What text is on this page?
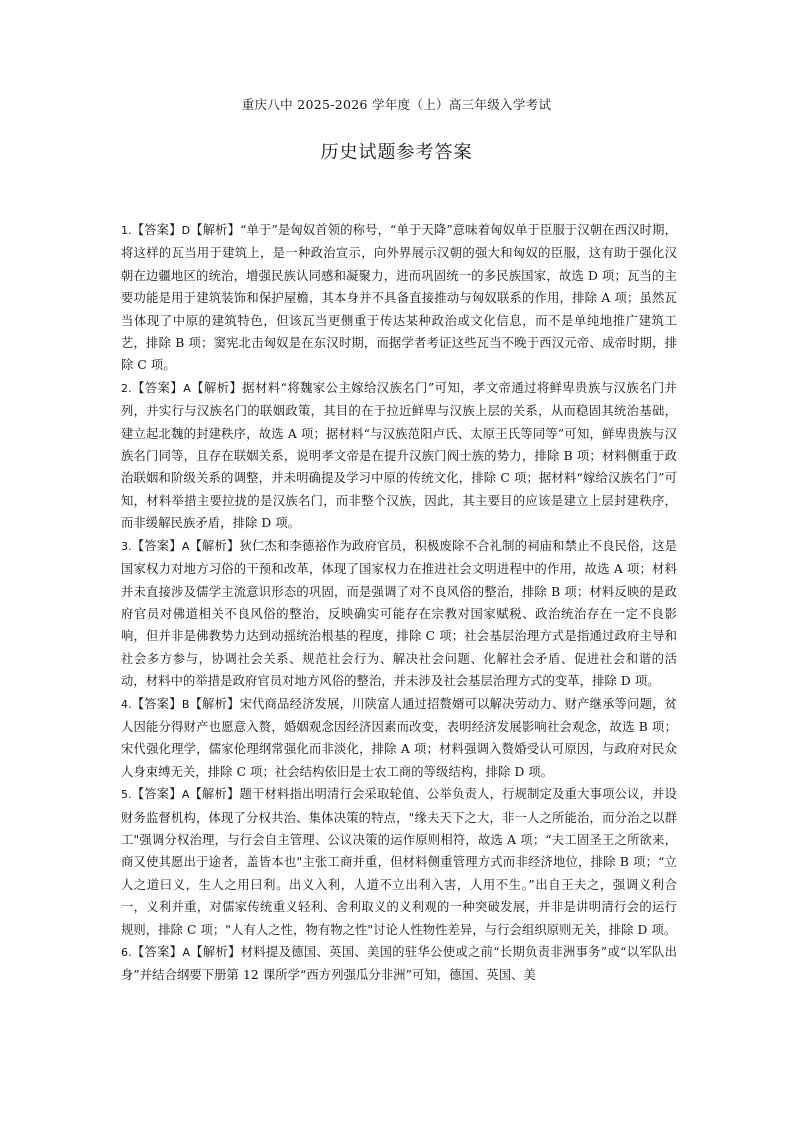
重庆八中 2025-2026 学年度（上）高三年级入学考试
历史试题参考答案

1.【答案】D【解析】“单于”是匈奴首领的称号，“单于天降”意味着匈奴单于臣服于汉朝在西汉时期，将这样的瓦当用于建筑上，是一种政治宣示，向外界展示汉朝的强大和匈奴的臣服，这有助于强化汉朝在边疆地区的统治，增强民族认同感和凝聚力，进而巩固统一的多民族国家，故选 D 项；瓦当的主要功能是用于建筑装饰和保护屋檐，其本身并不具备直接推动与匈奴联系的作用，排除 A 项；虽然瓦当体现了中原的建筑特色，但该瓦当更侧重于传达某种政治或文化信息，而不是单纯地推广建筑工艺，排除 B 项；窦宪北击匈奴是在东汉时期，而据学者考证这些瓦当不晚于西汉元帝、成帝时期，排除 C 项。

2.【答案】A【解析】据材料“将魏家公主嫁给汉族名门”可知，孝文帝通过将鲜卑贵族与汉族名门并列，并实行与汉族名门的联姻政策，其目的在于拉近鲜卑与汉族上层的关系，从而稳固其统治基础，建立起北魏的封建秩序，故选 A 项；据材料“与汉族范阳卢氏、太原王氏等同等”可知，鲜卑贵族与汉族名门同等，且存在联姻关系，说明孝文帝是在提升汉族门阀士族的势力，排除 B 项；材料侧重于政治联姻和阶级关系的调整，并未明确提及学习中原的传统文化，排除 C 项；据材料“嫁给汉族名门”可知，材料举措主要拉拢的是汉族名门，而非整个汉族，因此，其主要目的应该是建立上层封建秩序，而非缓解民族矛盾，排除 D 项。

3.【答案】A【解析】狄仁杰和李德裕作为政府官员，积极废除不合礼制的祠庙和禁止不良民俗，这是国家权力对地方习俗的干预和改革，体现了国家权力在推进社会文明进程中的作用，故选 A 项；材料并未直接涉及儒学主流意识形态的巩固，而是强调了对不良风俗的整治，排除 B 项；材料反映的是政府官员对佛道相关不良风俗的整治，反映确实可能存在宗教对国家赋税、政治统治存在一定不良影响，但并非是佛教势力达到动摇统治根基的程度，排除 C 项；社会基层治理方式是指通过政府主导和社会多方参与，协调社会关系、规范社会行为、解决社会问题、化解社会矛盾、促进社会和谐的活动，材料中的举措是政府官员对地方风俗的整治，并未涉及社会基层治理方式的变革，排除 D 项。

4.【答案】B【解析】宋代商品经济发展，川陕富人通过招赘婿可以解决劳动力、财产继承等问题，贫人因能分得财产也愿意入赘，婚姻观念因经济因素而改变，表明经济发展影响社会观念，故选 B 项；宋代强化理学，儒家伦理纲常强化而非淡化，排除 A 项；材料强调入赘婚受认可原因，与政府对民众人身束缚无关，排除 C 项；社会结构依旧是士农工商的等级结构，排除 D 项。

5.【答案】A【解析】题干材料指出明清行会采取轮值、公举负责人，行规制定及重大事项公议，并设财务监督机构，体现了分权共治、集体决策的特点，"缘夫天下之大，非一人之所能治，而分治之以群工"强调分权治理，与行会自主管理、公议决策的运作原则相符，故选 A 项；“夫工固圣王之所欲来，商又使其愿出于途者，盖皆本也"主张工商并重，但材料侧重管理方式而非经济地位，排除 B 项；“立人之道曰义，生人之用曰利。出义入利，人道不立出利入害，人用不生。”出自王夫之，强调义利合一，义利并重，对儒家传统重义轻利、舍利取义的义利观的一种突破发展，并非是讲明清行会的运行规则，排除 C 项；"人有人之性，物有物之性"讨论人性物性差异，与行会组织原则无关，排除 D 项。

6.【答案】A【解析】材料提及德国、英国、美国的驻华公使或之前“长期负责非洲事务”或“以军队出身”并结合纲要下册第 12 课所学“西方列强瓜分非洲”可知，德国、英国、美
